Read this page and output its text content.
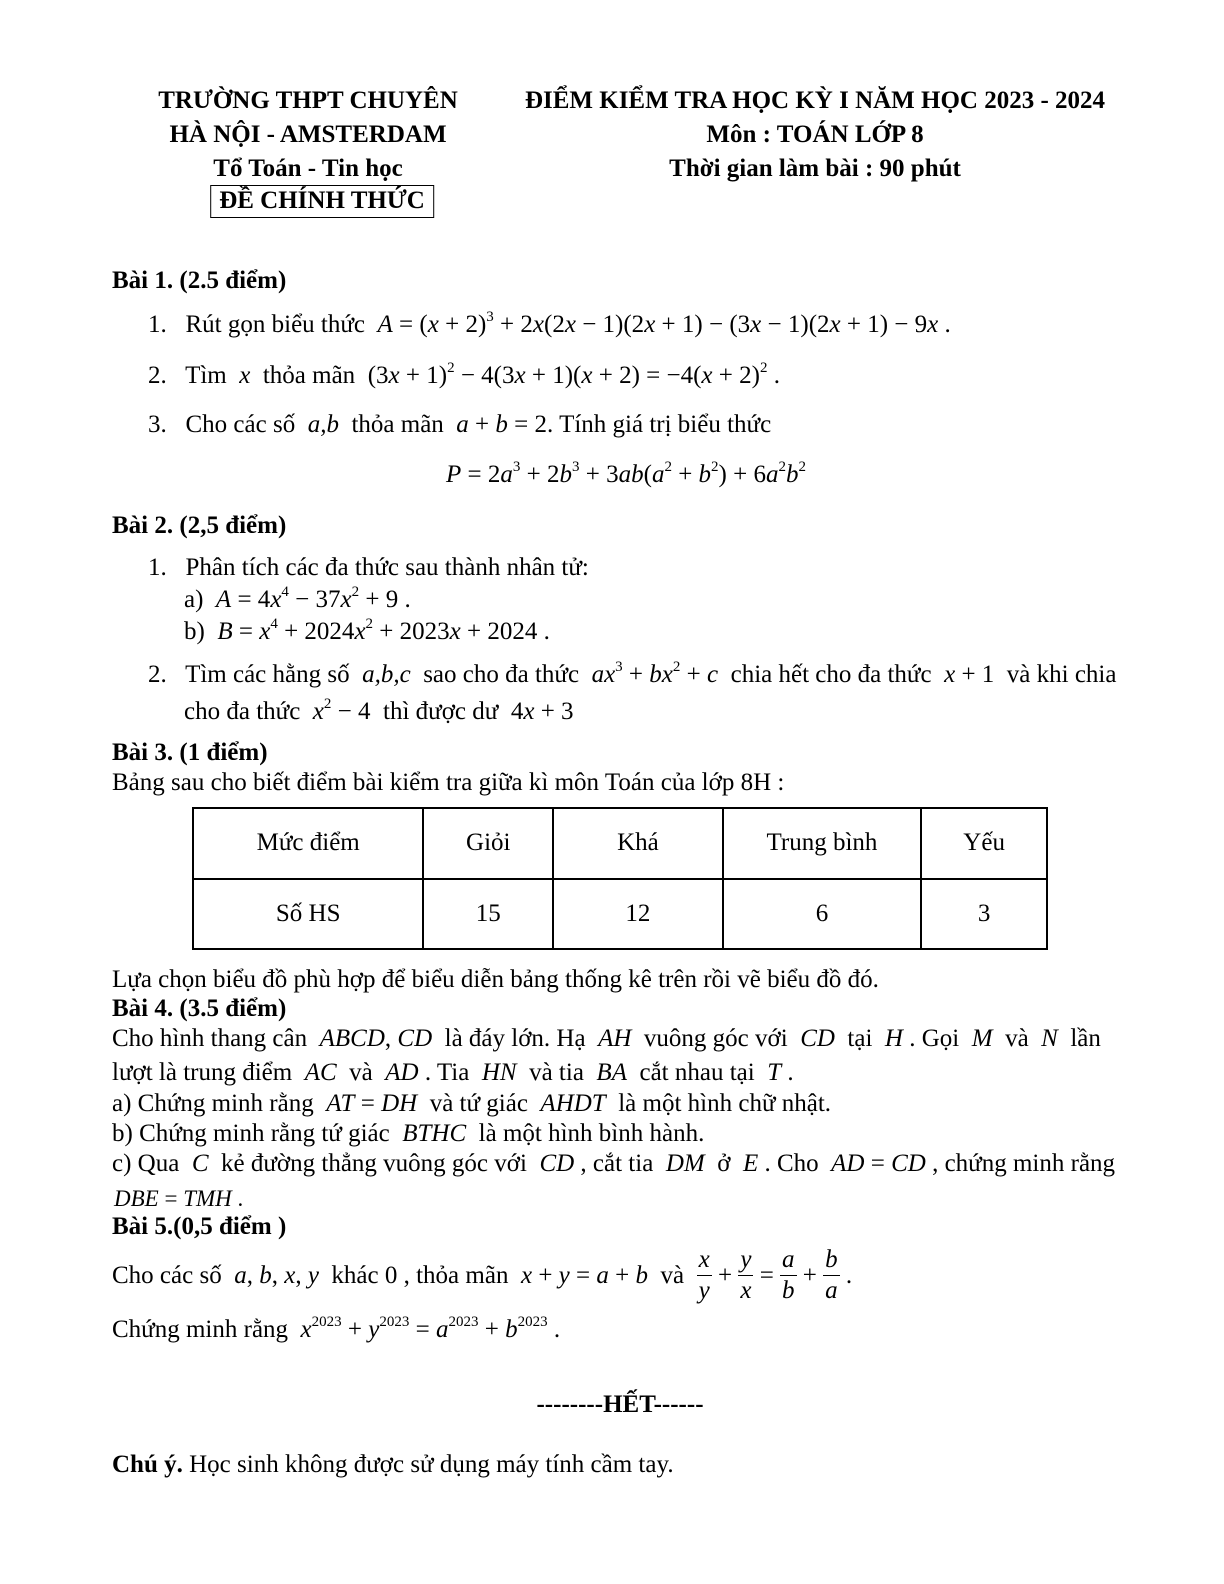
TRƯỜNG THPT CHUYÊN
HÀ NỘI - AMSTERDAM
Tổ Toán - Tin học
ĐỀ CHÍNH THỨC
ĐIỂM KIỂM TRA HỌC KỲ I NĂM HỌC 2023 - 2024
Môn : TOÁN LỚP 8
Thời gian làm bài : 90 phút
Bài 1. (2.5 điểm)
1. Rút gọn biểu thức $A = (x + 2)^3 + 2x(2x - 1)(2x + 1) - (3x - 1)(2x + 1) - 9x$ .
2. Tìm x thỏa mãn $(3x + 1)^2 - 4(3x + 1)(x + 2) = -4(x + 2)^2$ .
3. Cho các số a,b thỏa mãn a + b = 2. Tính giá trị biểu thức
$P = 2a^3 + 2b^3 + 3ab(a^2 + b^2) + 6a^2b^2$
Bài 2. (2,5 điểm)
1. Phân tích các đa thức sau thành nhân tử:
a) $A = 4x^4 - 37x^2 + 9$ .
b) $B = x^4 + 2024x^2 + 2023x + 2024$ .
2. Tìm các hằng số a,b,c sao cho đa thức $ax^3 + bx^2 + c$ chia hết cho đa thức x + 1  và khi chia
cho đa thức $x^2 - 4$  thì được dư  4x + 3
Bài 3. (1 điểm)
Bảng sau cho biết điểm bài kiểm tra giữa kì môn Toán của lớp 8H :
Mức điểm	Giỏi	Khá	Trung bình	Yếu
Số HS	15	12	6	3
Lựa chọn biểu đồ phù hợp để biểu diễn bảng thống kê trên rồi vẽ biểu đồ đó.
Bài 4. (3.5 điểm)
Cho hình thang cân  ABCD, CD  là đáy lớn. Hạ  AH  vuông góc với  CD  tại  H . Gọi  M  và  N  lần
lượt là trung điểm  AC  và  AD . Tia  HN  và tia  BA  cắt nhau tại  T .
a) Chứng minh rằng  AT = DH  và tứ giác  AHDT  là một hình chữ nhật.
b) Chứng minh rằng tứ giác  BTHC  là một hình bình hành.
c) Qua  C  kẻ đường thẳng vuông góc với  CD , cắt tia  DM  ở  E . Cho  AD = CD , chứng minh rằng
DBE = TMH .
Bài 5.(0,5 điểm )
Cho các số  a, b, x, y  khác 0 , thỏa mãn  x + y = a + b  và $\frac{x}{y} + \frac{y}{x} = \frac{a}{b} + \frac{b}{a}$ .
Chứng minh rằng  $x^{2023} + y^{2023} = a^{2023} + b^{2023}$ .
--------HẾT------
Chú ý. Học sinh không được sử dụng máy tính cầm tay.
